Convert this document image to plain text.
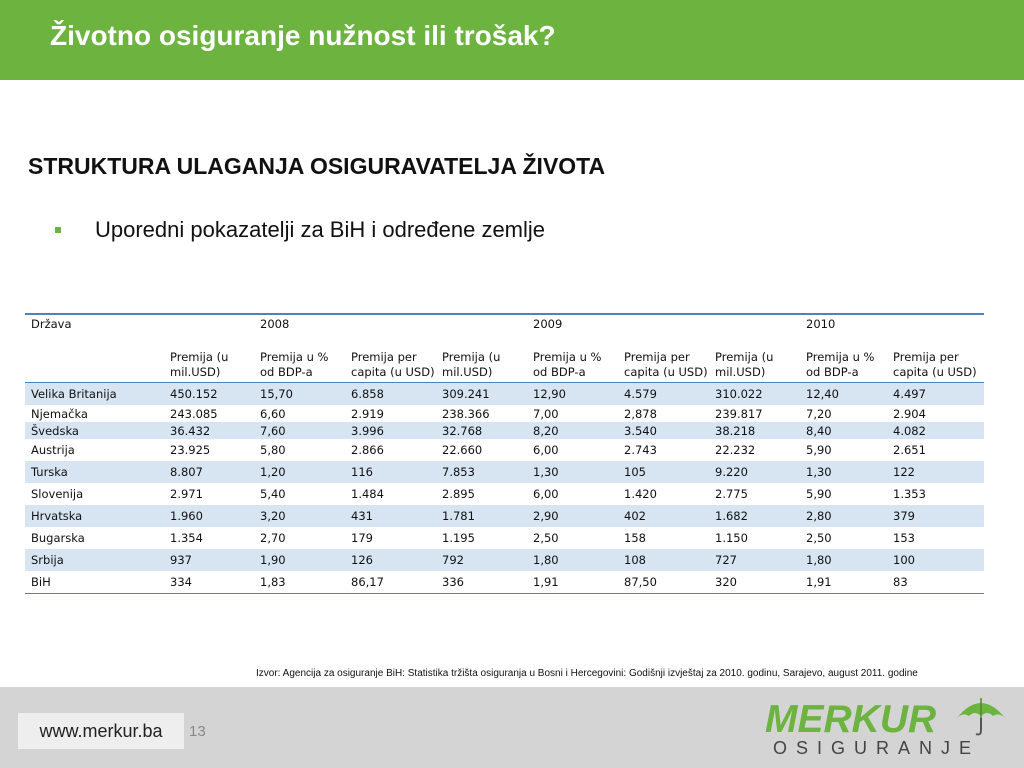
Životno osiguranje nužnost ili trošak?
STRUKTURA ULAGANJA OSIGURAVATELJA ŽIVOTA
Uporedni pokazatelji za BiH i određene zemlje
Država		2008			2009			2010	
	Premija (u mil.USD)	Premija u % od BDP-a	Premija per capita (u USD)	Premija (u mil.USD)	Premija u % od BDP-a	Premija per capita (u USD)	Premija (u mil.USD)	Premija u % od BDP-a	Premija per capita (u USD)
Velika Britanija	450.152	15,70	6.858	309.241	12,90	4.579	310.022	12,40	4.497
Njemačka	243.085	6,60	2.919	238.366	7,00	2,878	239.817	7,20	2.904
Švedska	36.432	7,60	3.996	32.768	8,20	3.540	38.218	8,40	4.082
Austrija	23.925	5,80	2.866	22.660	6,00	2.743	22.232	5,90	2.651
Turska	8.807	1,20	116	7.853	1,30	105	9.220	1,30	122
Slovenija	2.971	5,40	1.484	2.895	6,00	1.420	2.775	5,90	1.353
Hrvatska	1.960	3,20	431	1.781	2,90	402	1.682	2,80	379
Bugarska	1.354	2,70	179	1.195	2,50	158	1.150	2,50	153
Srbija	937	1,90	126	792	1,80	108	727	1,80	100
BiH	334	1,83	86,17	336	1,91	87,50	320	1,91	83
Izvor: Agencija za osiguranje BiH: Statistika tržišta osiguranja u Bosni i Hercegovini: Godišnji izvještaj za 2010. godinu, Sarajevo, august 2011. godine
www.merkur.ba	13	MERKUR
OSIGURANJE
